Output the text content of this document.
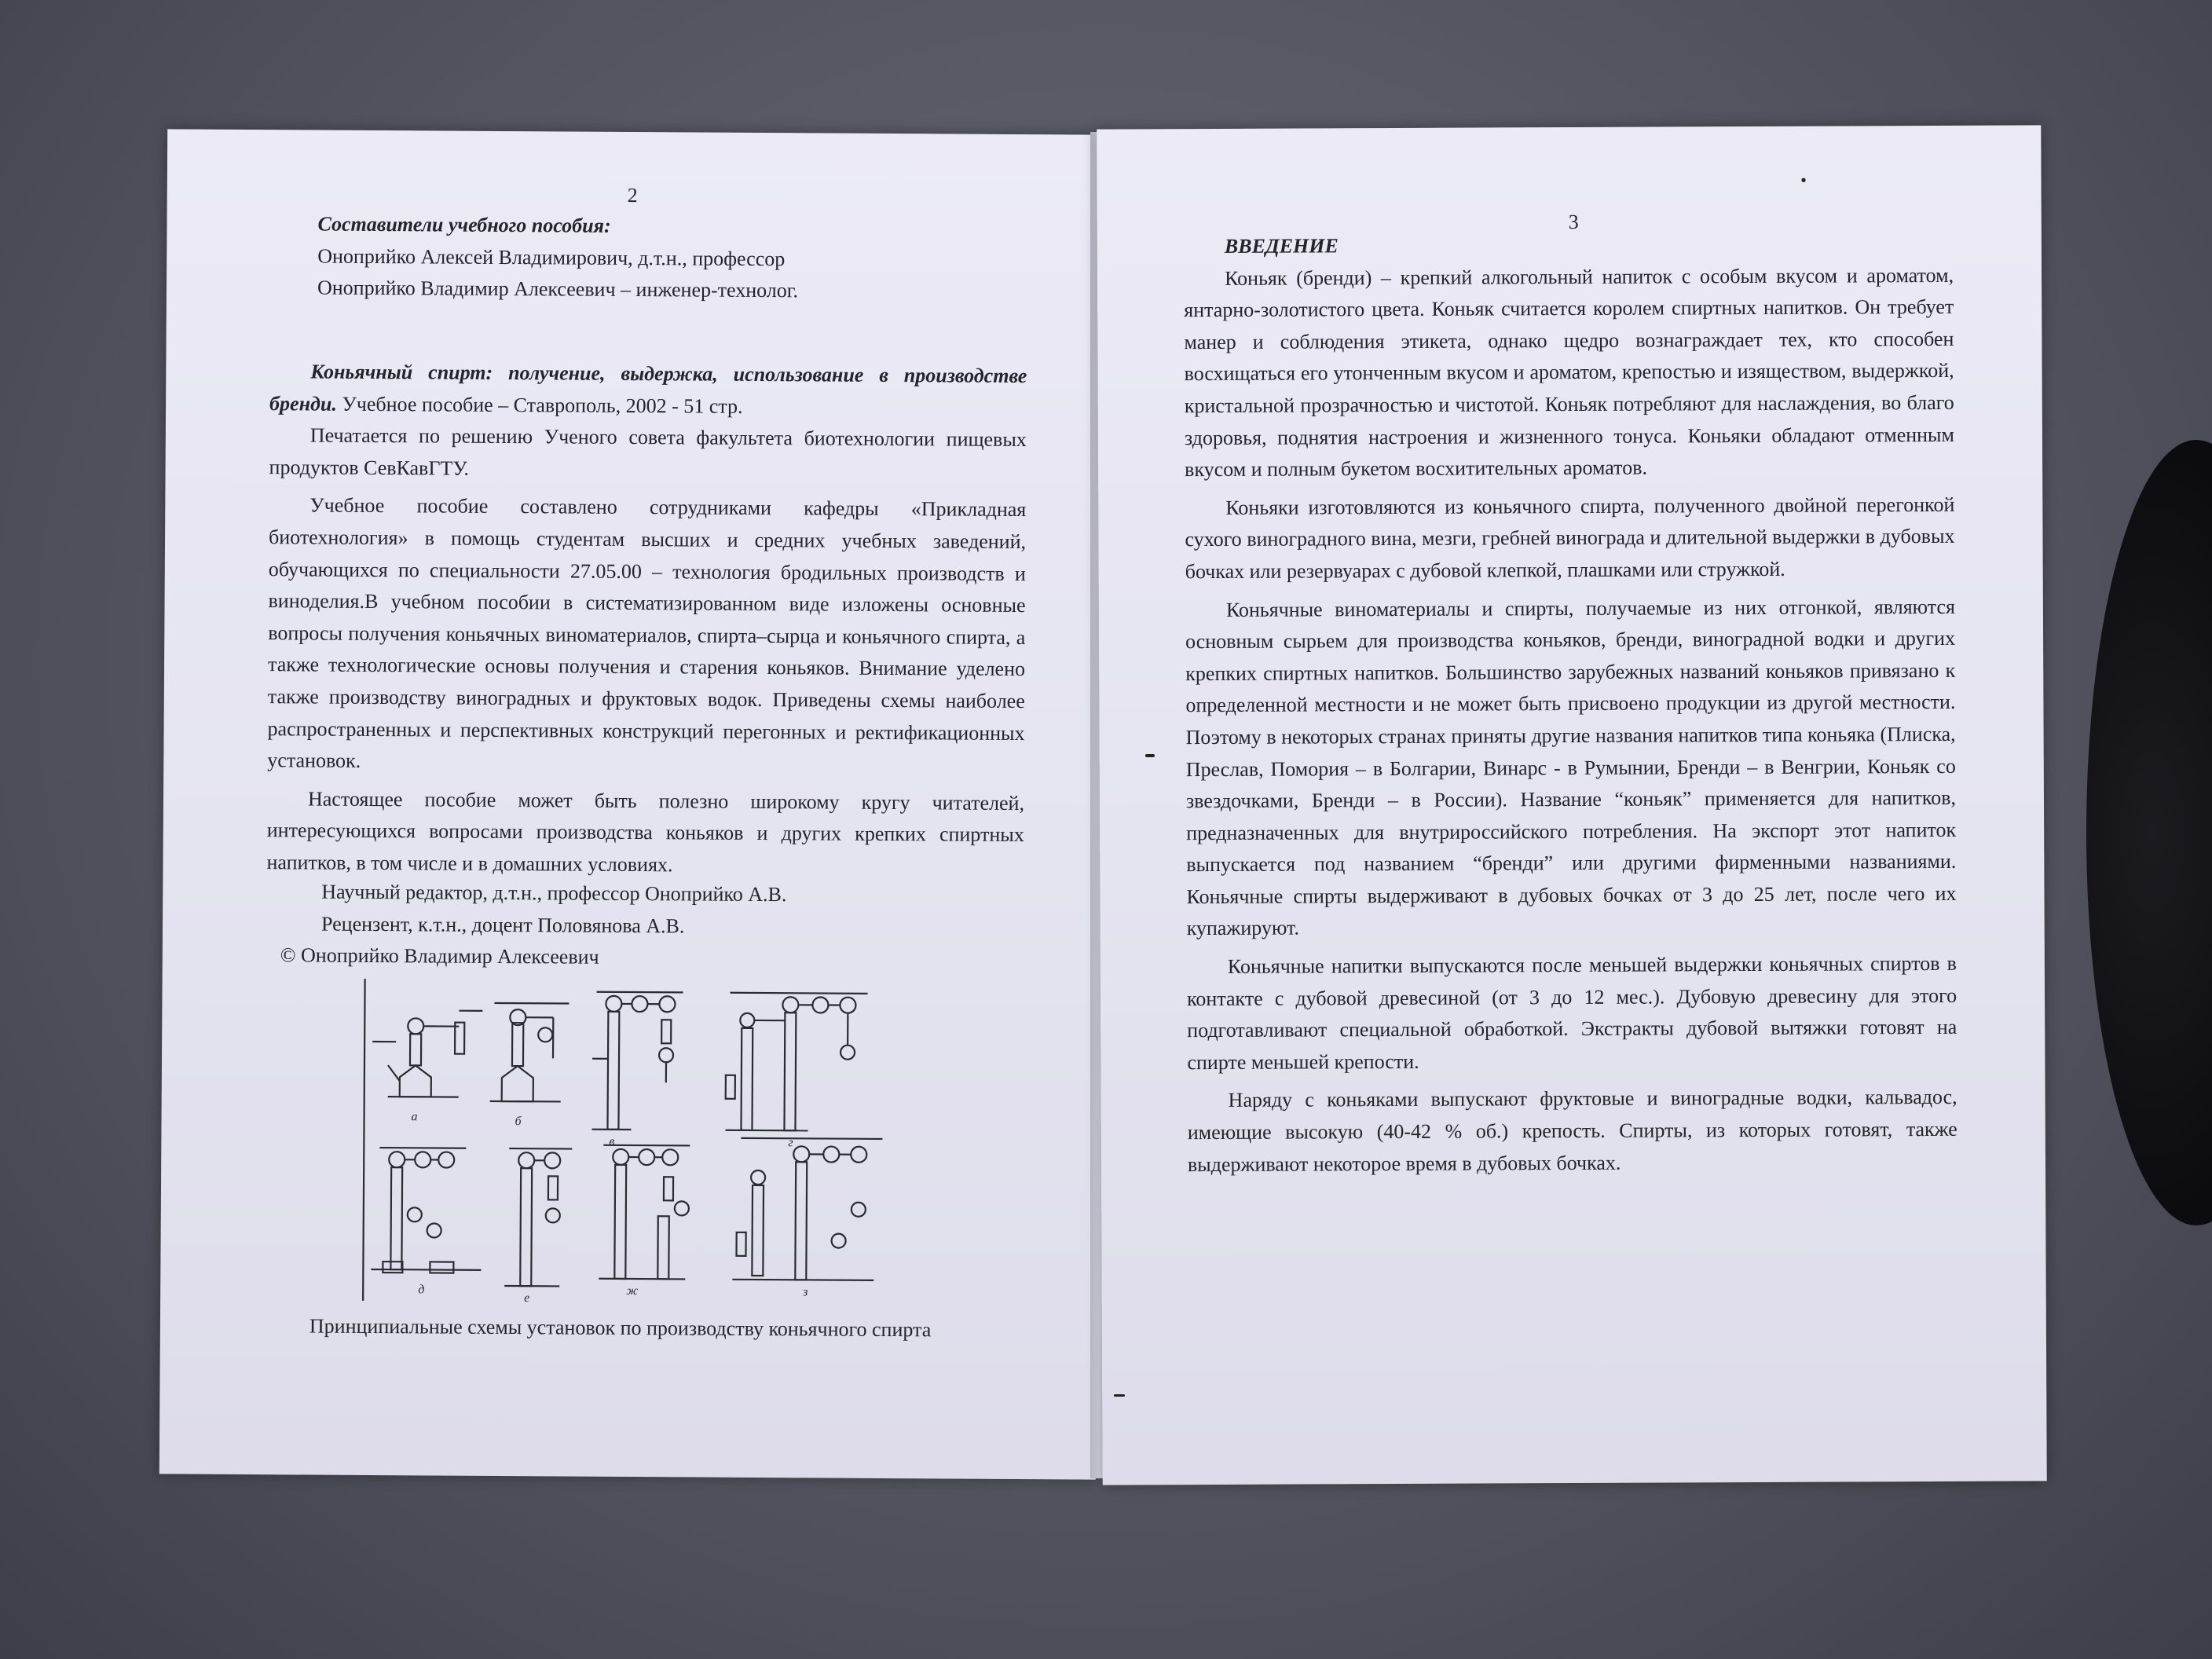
2

Составители учебного пособия:

Оноприйко Алексей Владимирович, д.т.н., профессор

Оноприйко Владимир Алексеевич – инженер-технолог.

Коньячный спирт: получение, выдержка, использование в производстве бренди. Учебное пособие – Ставрополь, 2002 - 51 стр.

Печатается по решению Ученого совета факультета биотехнологии пищевых продуктов СевКавГТУ.

Учебное пособие составлено сотрудниками кафедры «Прикладная биотехнология» в помощь студентам высших и средних учебных заведений, обучающихся по специальности 27.05.00 – технология бродильных производств и виноделия.В учебном пособии в систематизированном виде изложены основные вопросы получения коньячных виноматериалов, спирта–сырца и коньячного спирта, а также технологические основы получения и старения коньяков. Внимание уделено также производству виноградных и фруктовых водок. Приведены схемы наиболее распространенных и перспективных конструкций перегонных и ректификационных установок.

Настоящее пособие может быть полезно широкому кругу читателей, интересующихся вопросами производства коньяков и других крепких спиртных напитков, в том числе и в домашних условиях.

Научный редактор, д.т.н., профессор Оноприйко А.В.

Рецензент, к.т.н., доцент Половянова А.В.

© Оноприйко Владимир Алексеевич

а	б
в	г
д
е
ж	з
Принципиальные схемы установок по производству коньячного спирта
3

ВВЕДЕНИЕ

Коньяк (бренди) – крепкий алкогольный напиток с особым вкусом и ароматом, янтарно-золотистого цвета. Коньяк считается королем спиртных напитков. Он требует манер и соблюдения этикета, однако щедро вознаграждает тех, кто способен восхищаться его утонченным вкусом и ароматом, крепостью и изяществом, выдержкой, кристальной прозрачностью и чистотой. Коньяк потребляют для наслаждения, во благо здоровья, поднятия настроения и жизненного тонуса. Коньяки обладают отменным вкусом и полным букетом восхитительных ароматов.

Коньяки изготовляются из коньячного спирта, полученного двойной перегонкой сухого виноградного вина, мезги, гребней винограда и длительной выдержки в дубовых бочках или резервуарах с дубовой клепкой, плашками или стружкой.

Коньячные виноматериалы и спирты, получаемые из них отгонкой, являются основным сырьем для производства коньяков, бренди, виноградной водки и других крепких спиртных напитков. Большинство зарубежных названий коньяков привязано к определенной местности и не может быть присвоено продукции из другой местности. Поэтому в некоторых странах приняты другие названия напитков типа коньяка (Плиска, Преслав, Помория – в Болгарии, Винарс - в Румынии, Бренди – в Венгрии, Коньяк со звездочками, Бренди – в России). Название “коньяк” применяется для напитков, предназначенных для внутрироссийского потребления. На экспорт этот напиток выпускается под названием “бренди” или другими фирменными названиями. Коньячные спирты выдерживают в дубовых бочках от 3 до 25 лет, после чего их купажируют.

Коньячные напитки выпускаются после меньшей выдержки коньячных спиртов в контакте с дубовой древесиной (от 3 до 12 мес.). Дубовую древесину для этого подготавливают специальной обработкой. Экстракты дубовой вытяжки готовят на спирте меньшей крепости.

Наряду с коньяками выпускают фруктовые и виноградные водки, кальвадос, имеющие высокую (40-42 % об.) крепость. Спирты, из которых готовят, также выдерживают некоторое время в дубовых бочках.
